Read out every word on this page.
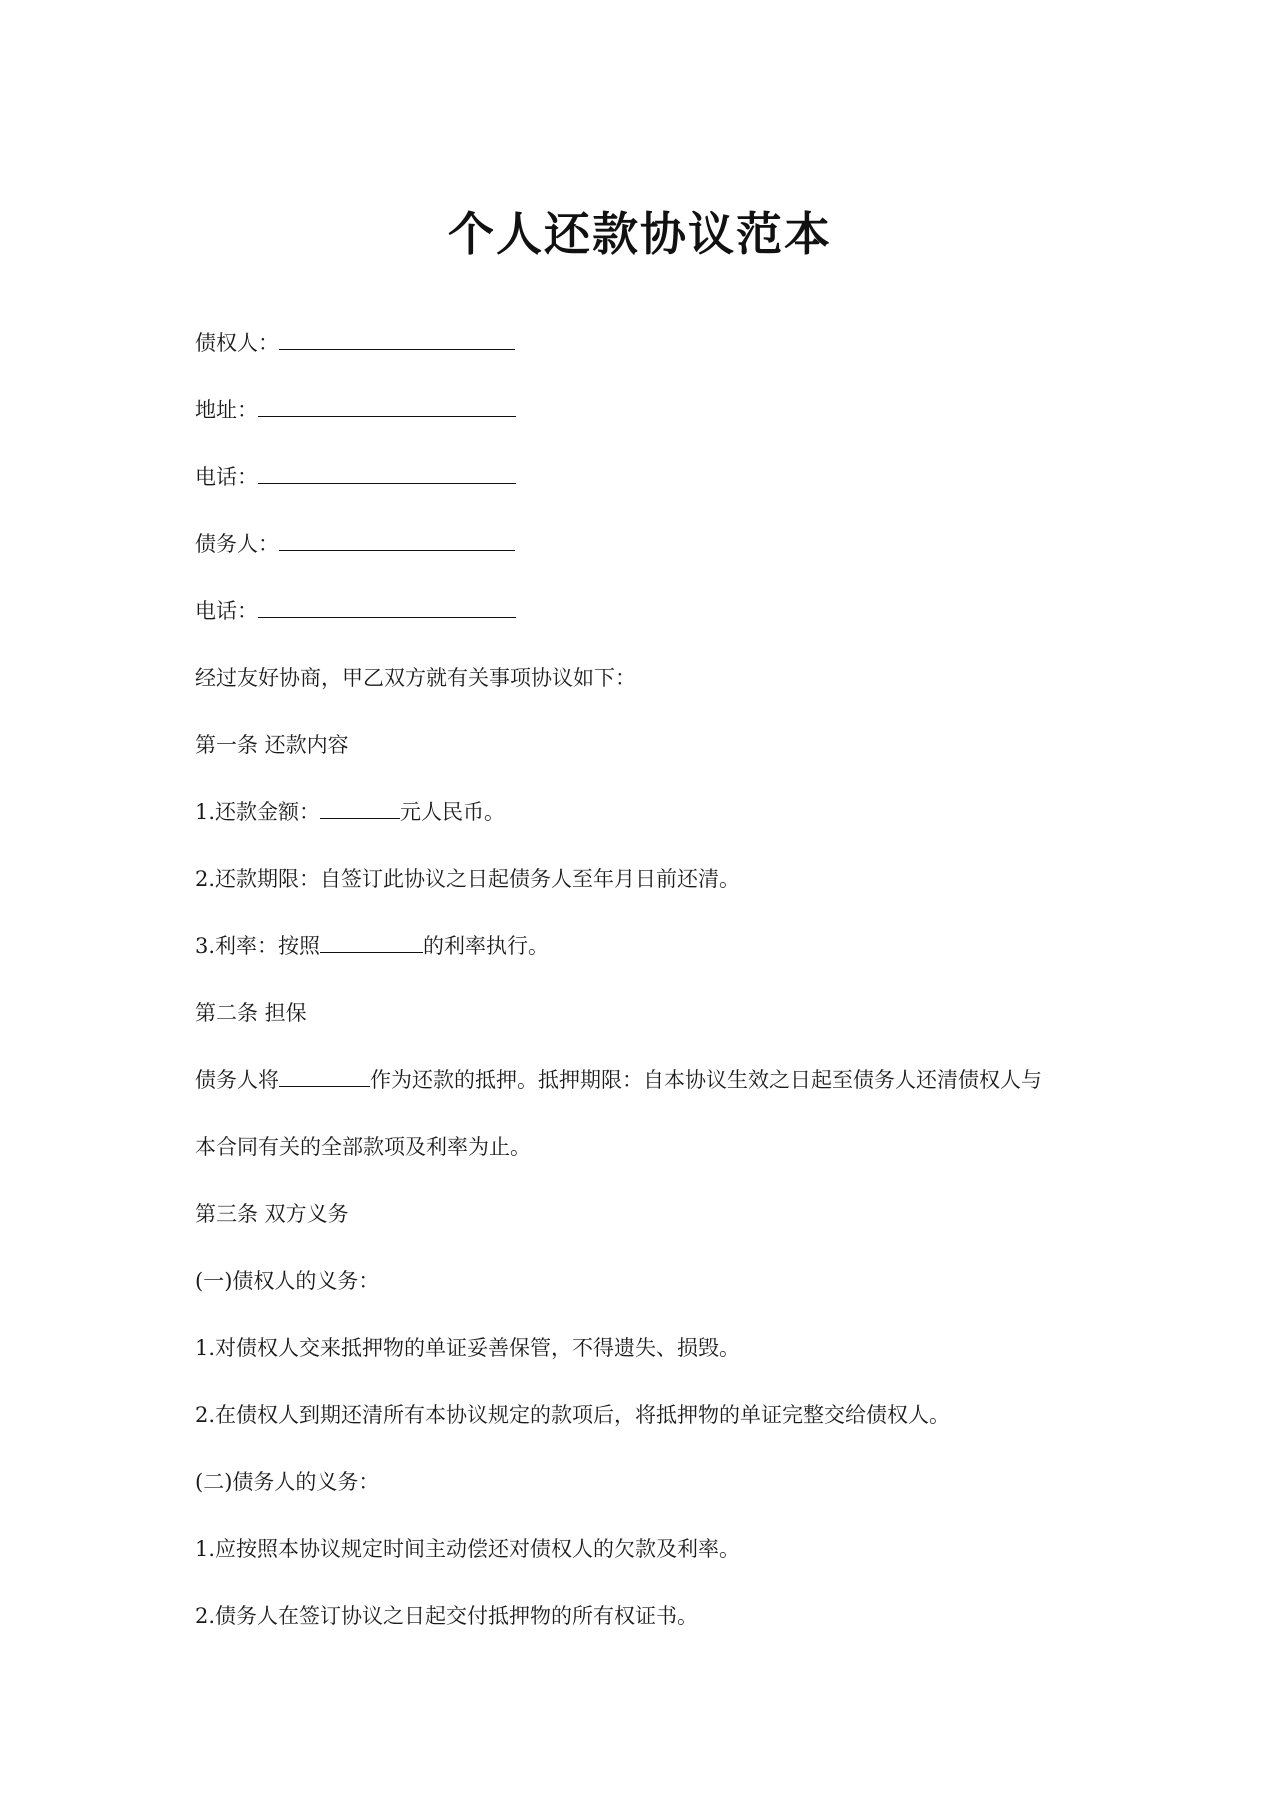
个人还款协议范本
债权人：
地址：
电话：
债务人：
电话：
经过友好协商，甲乙双方就有关事项协议如下：
第一条 还款内容
1.还款金额：	元人民币。
2.还款期限：自签订此协议之日起债务人至年月日前还清。
3.利率：按照	的利率执行。
第二条 担保
债务人将	作为还款的抵押。抵押期限：自本协议生效之日起至债务人还清债权人与
本合同有关的全部款项及利率为止。
第三条 双方义务
(一)债权人的义务：
1.对债权人交来抵押物的单证妥善保管，不得遗失、损毁。
2.在债权人到期还清所有本协议规定的款项后，将抵押物的单证完整交给债权人。
(二)债务人的义务：
1.应按照本协议规定时间主动偿还对债权人的欠款及利率。
2.债务人在签订协议之日起交付抵押物的所有权证书。
